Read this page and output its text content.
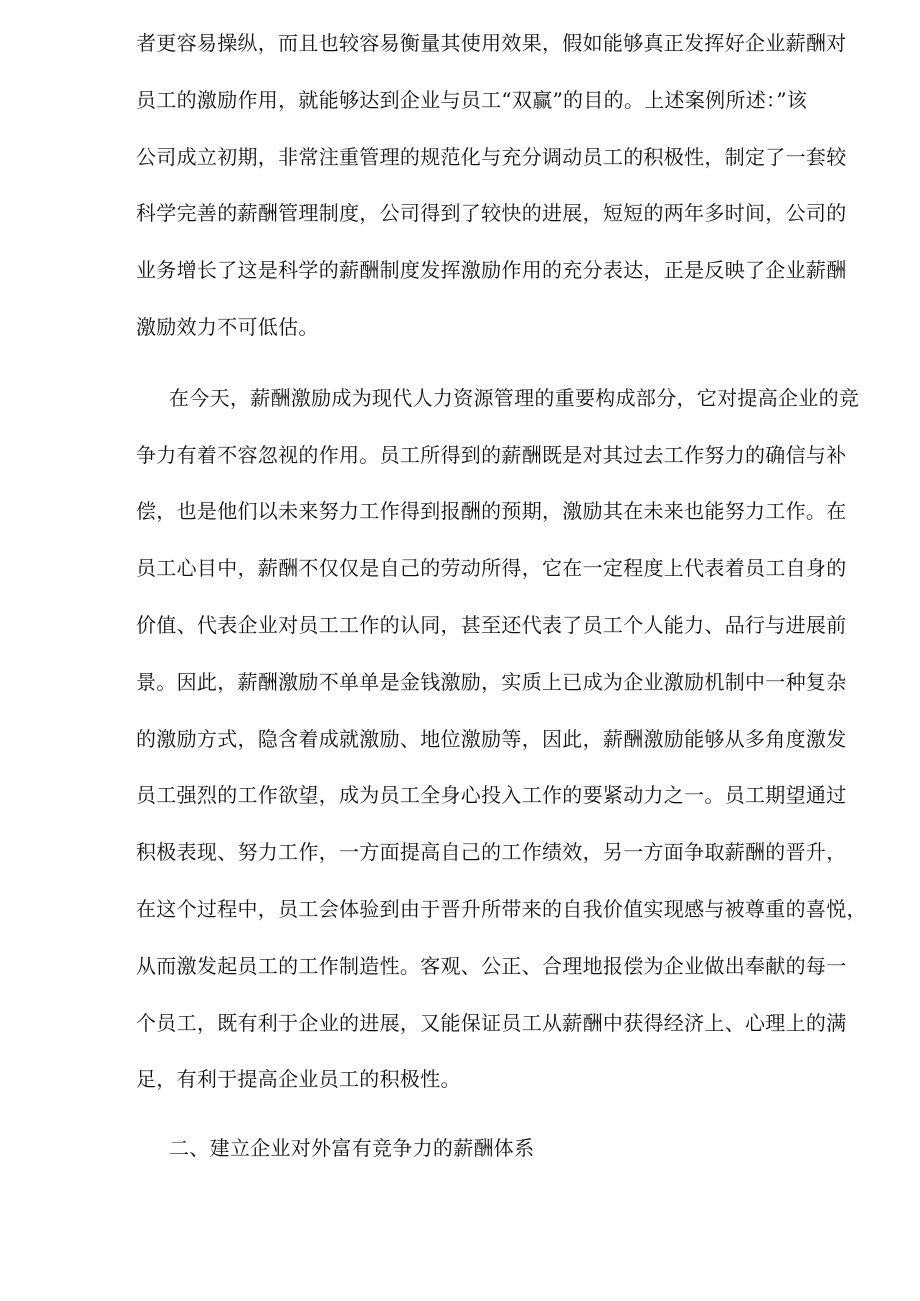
者更容易操纵，而且也较容易衡量其使用效果，假如能够真正发挥好企业薪酬对
员工的激励作用，就能够达到企业与员工“双赢”的目的。上述案例所述：”该
公司成立初期，非常注重管理的规范化与充分调动员工的积极性，制定了一套较
科学完善的薪酬管理制度，公司得到了较快的进展，短短的两年多时间，公司的
业务增长了这是科学的薪酬制度发挥激励作用的充分表达，正是反映了企业薪酬
激励效力不可低估。
在今天，薪酬激励成为现代人力资源管理的重要构成部分，它对提高企业的竞
争力有着不容忽视的作用。员工所得到的薪酬既是对其过去工作努力的确信与补
偿，也是他们以未来努力工作得到报酬的预期，激励其在未来也能努力工作。在
员工心目中，薪酬不仅仅是自己的劳动所得，它在一定程度上代表着员工自身的
价值、代表企业对员工工作的认同，甚至还代表了员工个人能力、品行与进展前
景。因此，薪酬激励不单单是金钱激励，实质上已成为企业激励机制中一种复杂
的激励方式，隐含着成就激励、地位激励等，因此，薪酬激励能够从多角度激发
员工强烈的工作欲望，成为员工全身心投入工作的要紧动力之一。员工期望通过
积极表现、努力工作，一方面提高自己的工作绩效，另一方面争取薪酬的晋升，
在这个过程中，员工会体验到由于晋升所带来的自我价值实现感与被尊重的喜悦，
从而激发起员工的工作制造性。客观、公正、合理地报偿为企业做出奉献的每一
个员工，既有利于企业的进展，又能保证员工从薪酬中获得经济上、心理上的满
足，有利于提高企业员工的积极性。
二、建立企业对外富有竞争力的薪酬体系
